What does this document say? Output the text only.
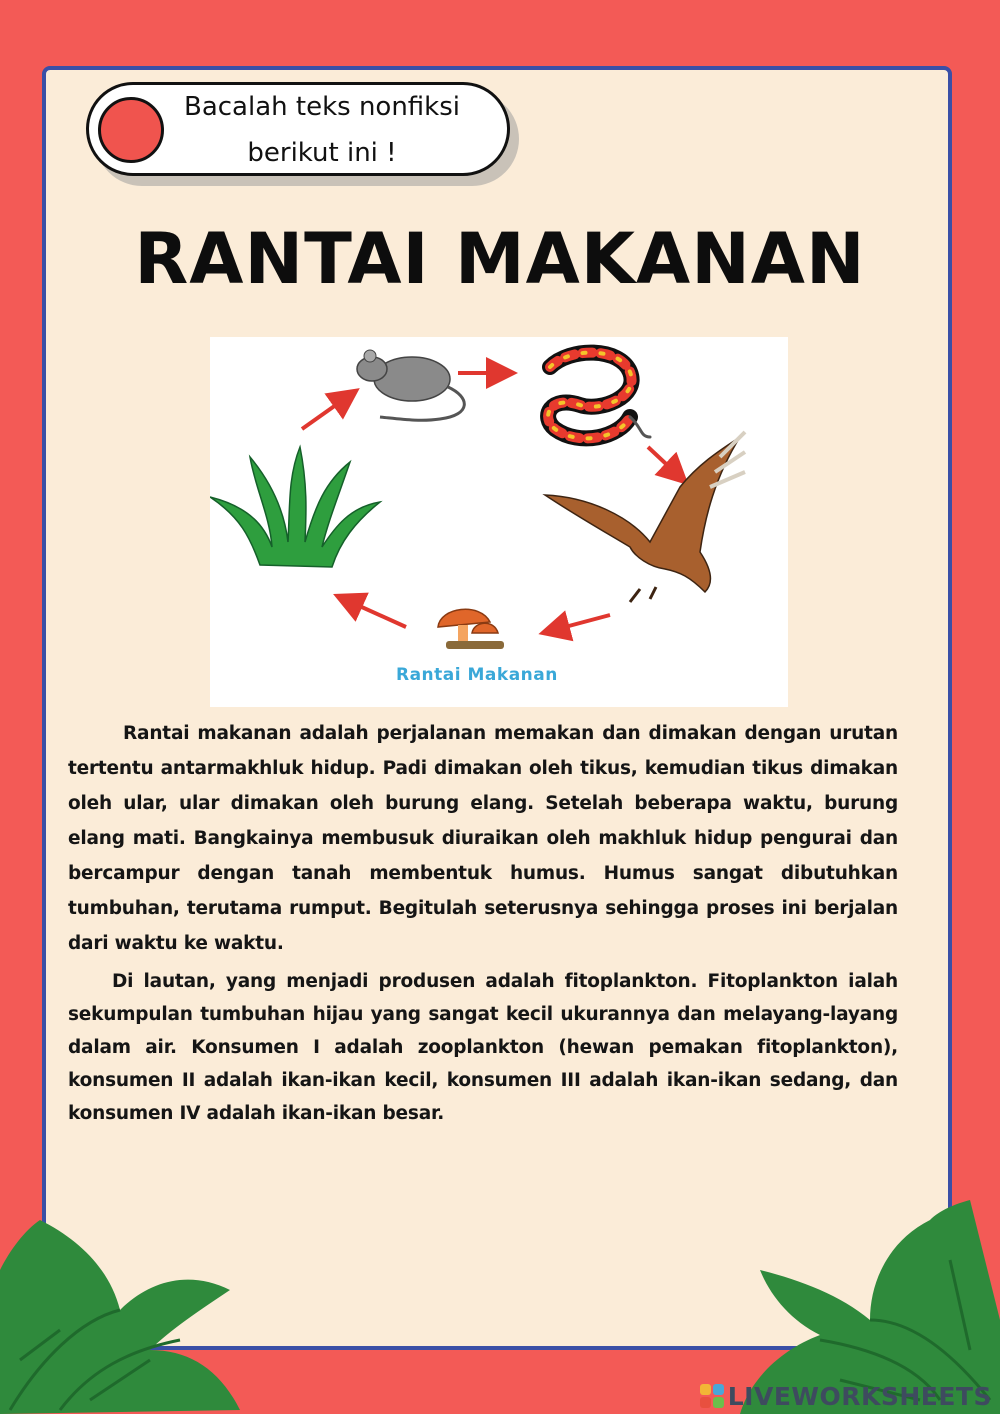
Bacalah teks nonfiksi
berikut ini !
RANTAI MAKANAN
Rantai Makanan

Rantai makanan adalah perjalanan memakan dan dimakan dengan urutan tertentu antarmakhluk hidup. Padi dimakan oleh tikus, kemudian tikus dimakan oleh ular, ular dimakan oleh burung elang. Setelah beberapa waktu, burung elang mati. Bangkainya membusuk diuraikan oleh makhluk hidup pengurai dan bercampur dengan tanah membentuk humus. Humus sangat dibutuhkan tumbuhan, terutama rumput. Begitulah seterusnya sehingga proses ini berjalan dari waktu ke waktu.

Di lautan, yang menjadi produsen adalah fitoplankton. Fitoplankton ialah sekumpulan tumbuhan hijau yang sangat kecil ukurannya dan melayang-layang dalam air. Konsumen I adalah zooplankton (hewan pemakan fitoplankton), konsumen II adalah ikan-ikan kecil, konsumen III adalah ikan-ikan sedang, dan konsumen IV adalah ikan-ikan besar.

LIVEWORKSHEETS
